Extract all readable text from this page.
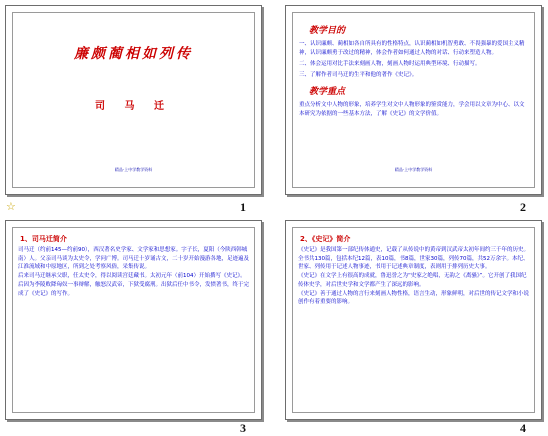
☆
廉颇蔺相如列传
司 马 迁
精品·上中学教学资料
1
教学目的

一、认识廉颇、蔺相如各自所具有的性格特点，认识蔺相如机智勇敢、不畏强暴的爱国主义精神，认识廉颇勇于改过的精神，体会作者如何通过人物的对话、行动来塑造人物。

二、体会运用对比手法来刻画人物，刻画人物时运用典型环境、行动描写。

三、了解作者司马迁的生平和他的著作《史记》。

教学重点

重点分析文中人物的形象，培养学生对文中人物形象的鉴赏能力，学会用以文章为中心、以文本研究为依据的一些基本方法，了解《史记》的文学价值。

精品·上中学教学资料
2
1、司马迁简介

司马迁（约前145—约前90），西汉著名史学家、文学家和思想家。字子长，夏阳（今陕西韩城南）人。父亲司马谈为太史令，学问广博。司马迁十岁诵古文，二十岁开始漫游各地，足迹遍及江淮流域和中原地区，所到之处考察风俗，采集传说。

后来司马迁继承父职，任太史令，得以阅读宫廷藏书。太初元年（前104）开始撰写《史记》。后因为李陵败降匈奴一事辩解，触怒汉武帝，下狱受腐刑。出狱后任中书令，发愤著书，终于完成了《史记》的写作。

3
2、《史记》简介

《史记》是我国第一部纪传体通史，记载了从传说中的黄帝到汉武帝太初年间约三千年的历史。全书共130篇，包括本纪12篇，表10篇，书8篇，世家30篇，列传70篇，共52万余字。本纪、世家、列传用于记述人物事迹，书用于记述典章制度，表则用于排列历史大事。

《史记》在文学上有很高的成就，鲁迅誉之为“史家之绝唱，无韵之《离骚》”。它开创了我国纪传体史学，对后世史学和文学都产生了深远的影响。

《史记》善于通过人物的言行来刻画人物性格，语言生动，形象鲜明，对后世的传记文学和小说创作有着重要的影响。

4
